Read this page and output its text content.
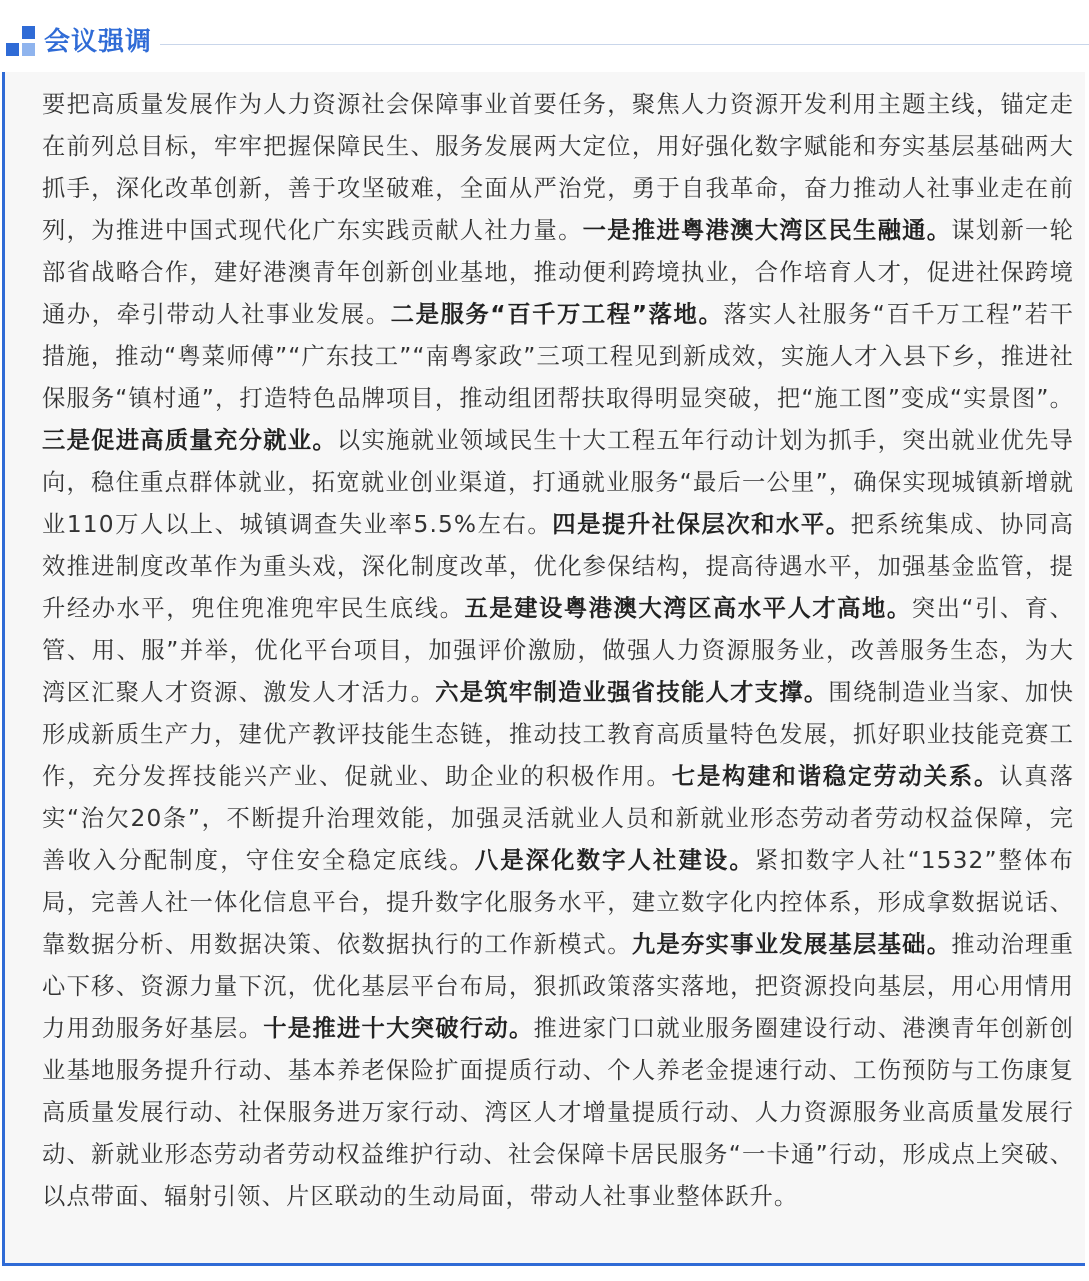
会议强调

要把高质量发展作为人力资源社会保障事业首要任务，聚焦人力资源开发利用主题主线，锚定走在前列总目标，牢牢把握保障民生、服务发展两大定位，用好强化数字赋能和夯实基层基础两大抓手，深化改革创新，善于攻坚破难，全面从严治党，勇于自我革命，奋力推动人社事业走在前列，为推进中国式现代化广东实践贡献人社力量。一是推进粤港澳大湾区民生融通。谋划新一轮部省战略合作，建好港澳青年创新创业基地，推动便利跨境执业，合作培育人才，促进社保跨境通办，牵引带动人社事业发展。二是服务“百千万工程”落地。落实人社服务“百千万工程”若干措施，推动“粤菜师傅”“广东技工”“南粤家政”三项工程见到新成效，实施人才入县下乡，推进社保服务“镇村通”，打造特色品牌项目，推动组团帮扶取得明显突破，把“施工图”变成“实景图”。三是促进高质量充分就业。以实施就业领域民生十大工程五年行动计划为抓手，突出就业优先导向，稳住重点群体就业，拓宽就业创业渠道，打通就业服务“最后一公里”，确保实现城镇新增就业110万人以上、城镇调查失业率5.5%左右。四是提升社保层次和水平。把系统集成、协同高效推进制度改革作为重头戏，深化制度改革，优化参保结构，提高待遇水平，加强基金监管，提升经办水平，兜住兜准兜牢民生底线。五是建设粤港澳大湾区高水平人才高地。突出“引、育、管、用、服”并举，优化平台项目，加强评价激励，做强人力资源服务业，改善服务生态，为大湾区汇聚人才资源、激发人才活力。六是筑牢制造业强省技能人才支撑。围绕制造业当家、加快形成新质生产力，建优产教评技能生态链，推动技工教育高质量特色发展，抓好职业技能竞赛工作，充分发挥技能兴产业、促就业、助企业的积极作用。七是构建和谐稳定劳动关系。认真落实“治欠20条”，不断提升治理效能，加强灵活就业人员和新就业形态劳动者劳动权益保障，完善收入分配制度，守住安全稳定底线。八是深化数字人社建设。紧扣数字人社“1532”整体布局，完善人社一体化信息平台，提升数字化服务水平，建立数字化内控体系，形成拿数据说话、靠数据分析、用数据决策、依数据执行的工作新模式。九是夯实事业发展基层基础。推动治理重心下移、资源力量下沉，优化基层平台布局，狠抓政策落实落地，把资源投向基层，用心用情用力用劲服务好基层。十是推进十大突破行动。推进家门口就业服务圈建设行动、港澳青年创新创业基地服务提升行动、基本养老保险扩面提质行动、个人养老金提速行动、工伤预防与工伤康复高质量发展行动、社保服务进万家行动、湾区人才增量提质行动、人力资源服务业高质量发展行动、新就业形态劳动者劳动权益维护行动、社会保障卡居民服务“一卡通”行动，形成点上突破、以点带面、辐射引领、片区联动的生动局面，带动人社事业整体跃升。
